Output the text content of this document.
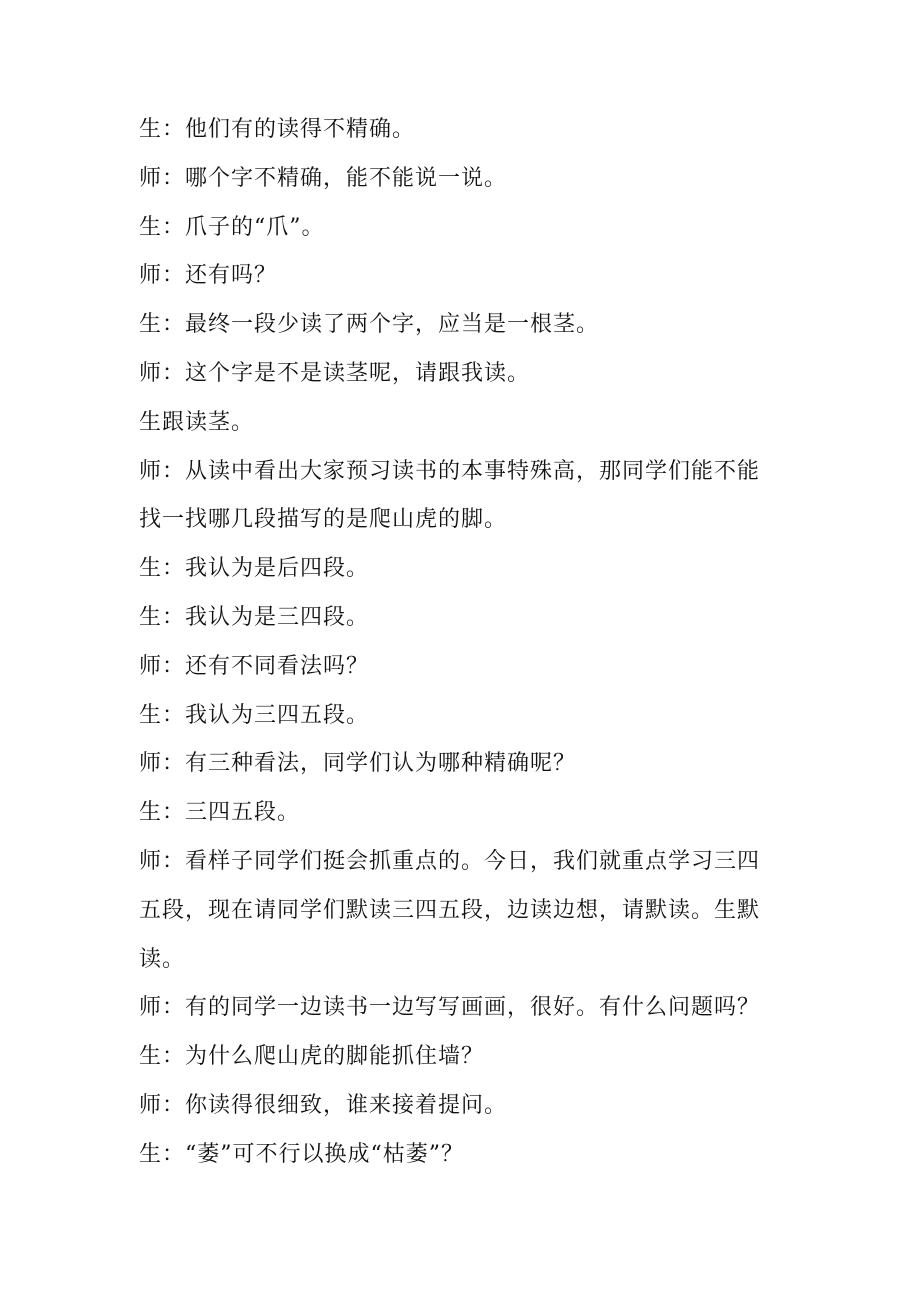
生：他们有的读得不精确。

师：哪个字不精确，能不能说一说。

生：爪子的“爪”。

师：还有吗？

生：最终一段少读了两个字，应当是一根茎。

师：这个字是不是读茎呢，请跟我读。

生跟读茎。

师：从读中看出大家预习读书的本事特殊高，那同学们能不能找一找哪几段描写的是爬山虎的脚。

生：我认为是后四段。

生：我认为是三四段。

师：还有不同看法吗？

生：我认为三四五段。

师：有三种看法，同学们认为哪种精确呢？

生：三四五段。

师：看样子同学们挺会抓重点的。今日，我们就重点学习三四五段，现在请同学们默读三四五段，边读边想，请默读。生默读。

师：有的同学一边读书一边写写画画，很好。有什么问题吗？

生：为什么爬山虎的脚能抓住墙？

师：你读得很细致，谁来接着提问。

生：“萎”可不行以换成“枯萎”？
